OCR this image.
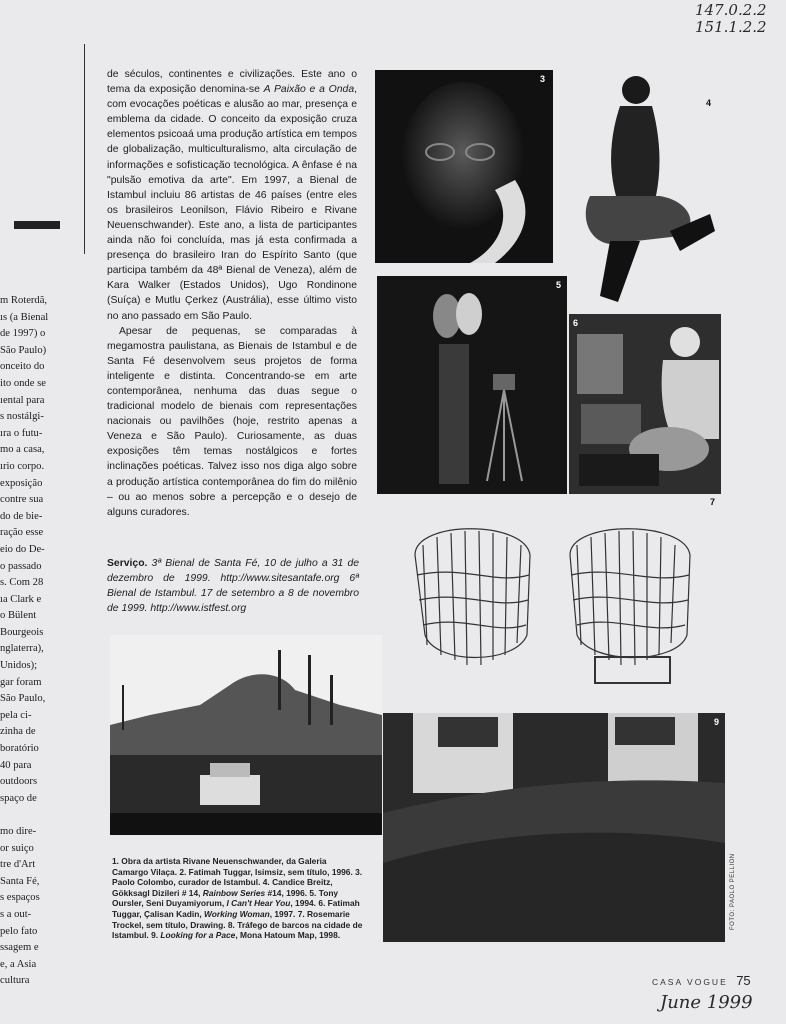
147.0.2.2
151.1.2.2
m Roterdã,
ıs (a Bienal
de 1997) o
São Paulo)
onceito do
ito onde se
ıental para
s nostálgi-
ıra o futu-
mo a casa,
ırio corpo.
exposição
contre sua
do de bie-
ração esse
eio do De-
o passado
s. Com 28
ıa Clark e
o Bülent
Bourgeois
nglaterra),
Unidos);
gar foram
São Paulo,
pela ci-
zinha de
boratório
40 para
outdoors
spaço de
mo dire-
or suiço
tre d'Art
Santa Fé,
s espaços
s a out-
pelo fato
ssagem e
e, a Asia
cultura

de séculos, continentes e civilizações. Este ano o tema da exposição denomina-se A Paixão e a Onda, com evocações poéticas e alusão ao mar, presença e emblema da cidade. O conceito da exposição cruza elementos psicoaá uma produção artística em tempos de globalização, multiculturalismo, alta circulação de informações e sofisticação tecnológica. A ênfase é na "pulsão emotiva da arte". Em 1997, a Bienal de Istambul incluiu 86 artistas de 46 países (entre eles os brasileiros Leonilson, Flávio Ribeiro e Rivane Neuenschwander). Este ano, a lista de participantes ainda não foi concluída, mas já esta confirmada a presença do brasileiro Iran do Espírito Santo (que participa também da 48ª Bienal de Veneza), além de Kara Walker (Estados Unidos), Ugo Rondinone (Suíça) e Mutlu Çerkez (Austrália), esse último visto no ano passado em São Paulo.

Apesar de pequenas, se comparadas à megamostra paulistana, as Bienais de Istambul e de Santa Fé desenvolvem seus projetos de forma inteligente e distinta. Concentrando-se em arte contemporânea, nenhuma das duas segue o tradicional modelo de bienais com representações nacionais ou pavilhões (hoje, restrito apenas a Veneza e São Paulo). Curiosamente, as duas exposições têm temas nostálgicos e fortes inclinações poéticas. Talvez isso nos diga algo sobre a produção artística contemporânea do fim do milênio – ou ao menos sobre a percepção e o desejo de alguns curadores.

Serviço. 3ª Bienal de Santa Fé, 10 de julho a 31 de dezembro de 1999. http://www.sitesantafe.org 6ª Bienal de Istambul. 17 de setembro a 8 de novembro de 1999. http://www.istfest.org

3
4
5
6
7
9
FOTO: PAOLO PELLION
1. Obra da artista Rivane Neuenschwander, da Galeria Camargo Vilaça. 2. Fatimah Tuggar, Isimsiz, sem título, 1996. 3. Paolo Colombo, curador de Istambul. 4. Candice Breitz, Gökksagl Dizileri # 14, Rainbow Series #14, 1996. 5. Tony Oursler, Seni Duyamiyorum, I Can't Hear You, 1994. 6. Fatimah Tuggar, Çalisan Kadin, Working Woman, 1997. 7. Rosemarie Trockel, sem título, Drawing. 8. Tráfego de barcos na cidade de Istambul. 9. Looking for a Pace, Mona Hatoum Map, 1998.
CASA VOGUE 75
June 1999
